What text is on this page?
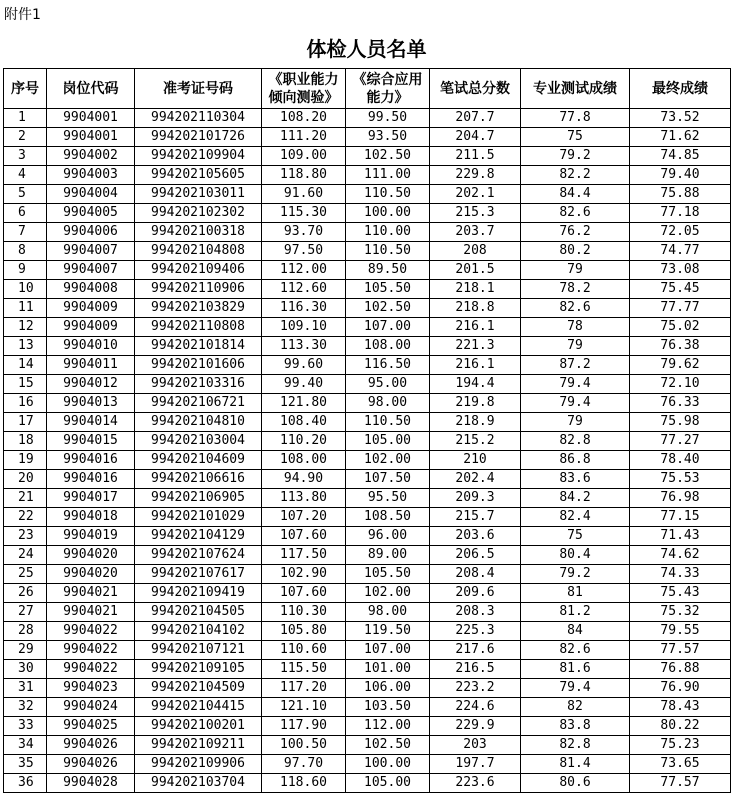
附件1
体检人员名单
序号	岗位代码	准考证号码	《职业能力倾向测验》	《综合应用能力》	笔试总分数	专业测试成绩	最终成绩
1	9904001	994202110304	108.20	99.50	207.7	77.8	73.52
2	9904001	994202101726	111.20	93.50	204.7	75	71.62
3	9904002	994202109904	109.00	102.50	211.5	79.2	74.85
4	9904003	994202105605	118.80	111.00	229.8	82.2	79.40
5	9904004	994202103011	91.60	110.50	202.1	84.4	75.88
6	9904005	994202102302	115.30	100.00	215.3	82.6	77.18
7	9904006	994202100318	93.70	110.00	203.7	76.2	72.05
8	9904007	994202104808	97.50	110.50	208	80.2	74.77
9	9904007	994202109406	112.00	89.50	201.5	79	73.08
10	9904008	994202110906	112.60	105.50	218.1	78.2	75.45
11	9904009	994202103829	116.30	102.50	218.8	82.6	77.77
12	9904009	994202110808	109.10	107.00	216.1	78	75.02
13	9904010	994202101814	113.30	108.00	221.3	79	76.38
14	9904011	994202101606	99.60	116.50	216.1	87.2	79.62
15	9904012	994202103316	99.40	95.00	194.4	79.4	72.10
16	9904013	994202106721	121.80	98.00	219.8	79.4	76.33
17	9904014	994202104810	108.40	110.50	218.9	79	75.98
18	9904015	994202103004	110.20	105.00	215.2	82.8	77.27
19	9904016	994202104609	108.00	102.00	210	86.8	78.40
20	9904016	994202106616	94.90	107.50	202.4	83.6	75.53
21	9904017	994202106905	113.80	95.50	209.3	84.2	76.98
22	9904018	994202101029	107.20	108.50	215.7	82.4	77.15
23	9904019	994202104129	107.60	96.00	203.6	75	71.43
24	9904020	994202107624	117.50	89.00	206.5	80.4	74.62
25	9904020	994202107617	102.90	105.50	208.4	79.2	74.33
26	9904021	994202109419	107.60	102.00	209.6	81	75.43
27	9904021	994202104505	110.30	98.00	208.3	81.2	75.32
28	9904022	994202104102	105.80	119.50	225.3	84	79.55
29	9904022	994202107121	110.60	107.00	217.6	82.6	77.57
30	9904022	994202109105	115.50	101.00	216.5	81.6	76.88
31	9904023	994202104509	117.20	106.00	223.2	79.4	76.90
32	9904024	994202104415	121.10	103.50	224.6	82	78.43
33	9904025	994202100201	117.90	112.00	229.9	83.8	80.22
34	9904026	994202109211	100.50	102.50	203	82.8	75.23
35	9904026	994202109906	97.70	100.00	197.7	81.4	73.65
36	9904028	994202103704	118.60	105.00	223.6	80.6	77.57
